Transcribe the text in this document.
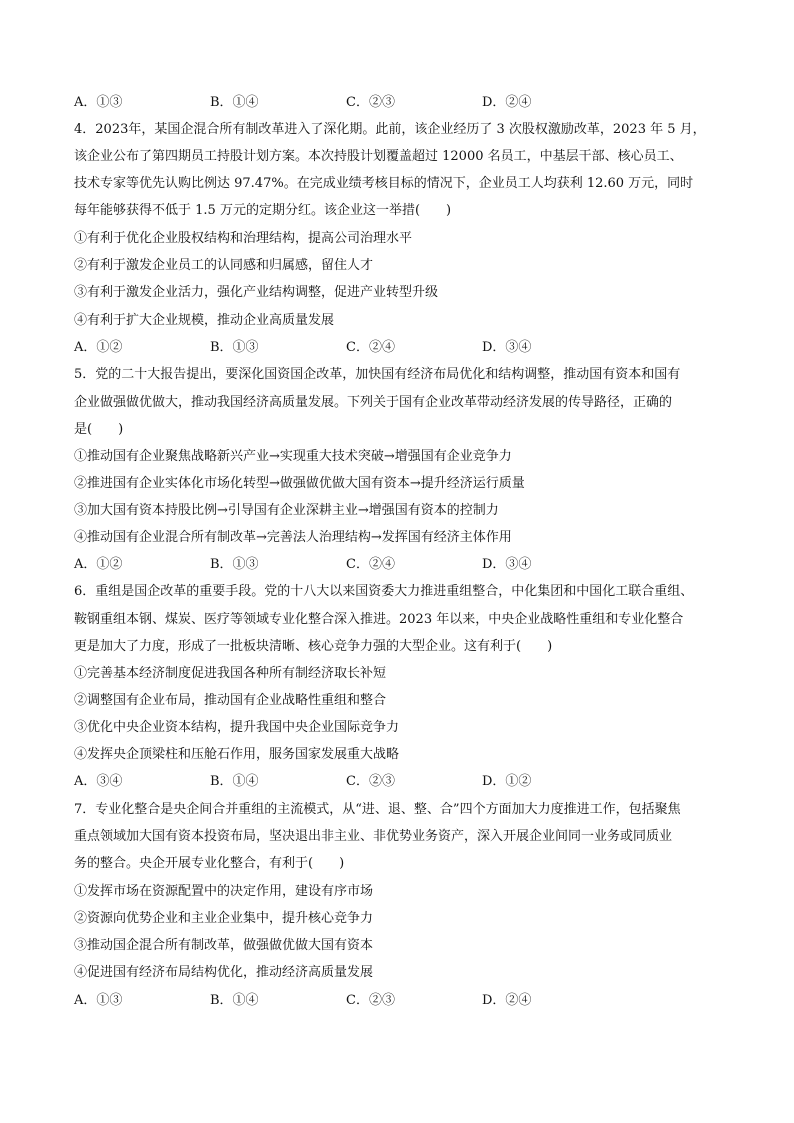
A．①③	B．①④	C．②③	D．②④
4．2023年，某国企混合所有制改革进入了深化期。此前，该企业经历了 3 次股权激励改革，2023 年 5 月，
该企业公布了第四期员工持股计划方案。本次持股计划覆盖超过 12000 名员工，中基层干部、核心员工、
技术专家等优先认购比例达 97.47%。在完成业绩考核目标的情况下，企业员工人均获利 12.60 万元，同时
每年能够获得不低于 1.5 万元的定期分红。该企业这一举措(　　)
①有利于优化企业股权结构和治理结构，提高公司治理水平
②有利于激发企业员工的认同感和归属感，留住人才
③有利于激发企业活力，强化产业结构调整，促进产业转型升级
④有利于扩大企业规模，推动企业高质量发展
A．①②	B．①③	C．②④	D．③④
5．党的二十大报告提出，要深化国资国企改革，加快国有经济布局优化和结构调整，推动国有资本和国有
企业做强做优做大，推动我国经济高质量发展。下列关于国有企业改革带动经济发展的传导路径，正确的
是(　　)
①推动国有企业聚焦战略新兴产业→实现重大技术突破→增强国有企业竞争力
②推进国有企业实体化市场化转型→做强做优做大国有资本→提升经济运行质量
③加大国有资本持股比例→引导国有企业深耕主业→增强国有资本的控制力
④推动国有企业混合所有制改革→完善法人治理结构→发挥国有经济主体作用
A．①②	B．①③	C．②④	D．③④
6．重组是国企改革的重要手段。党的十八大以来国资委大力推进重组整合，中化集团和中国化工联合重组、
鞍钢重组本钢、煤炭、医疗等领域专业化整合深入推进。2023 年以来，中央企业战略性重组和专业化整合
更是加大了力度，形成了一批板块清晰、核心竞争力强的大型企业。这有利于(　　)
①完善基本经济制度促进我国各种所有制经济取长补短
②调整国有企业布局，推动国有企业战略性重组和整合
③优化中央企业资本结构，提升我国中央企业国际竞争力
④发挥央企顶梁柱和压舱石作用，服务国家发展重大战略
A．③④	B．①④	C．②③	D．①②
7．专业化整合是央企间合并重组的主流模式，从“进、退、整、合”四个方面加大力度推进工作，包括聚焦
重点领域加大国有资本投资布局，坚决退出非主业、非优势业务资产，深入开展企业间同一业务或同质业
务的整合。央企开展专业化整合，有利于(　　)
①发挥市场在资源配置中的决定作用，建设有序市场
②资源向优势企业和主业企业集中，提升核心竞争力
③推动国企混合所有制改革，做强做优做大国有资本
④促进国有经济布局结构优化，推动经济高质量发展
A．①③	B．①④	C．②③	D．②④
